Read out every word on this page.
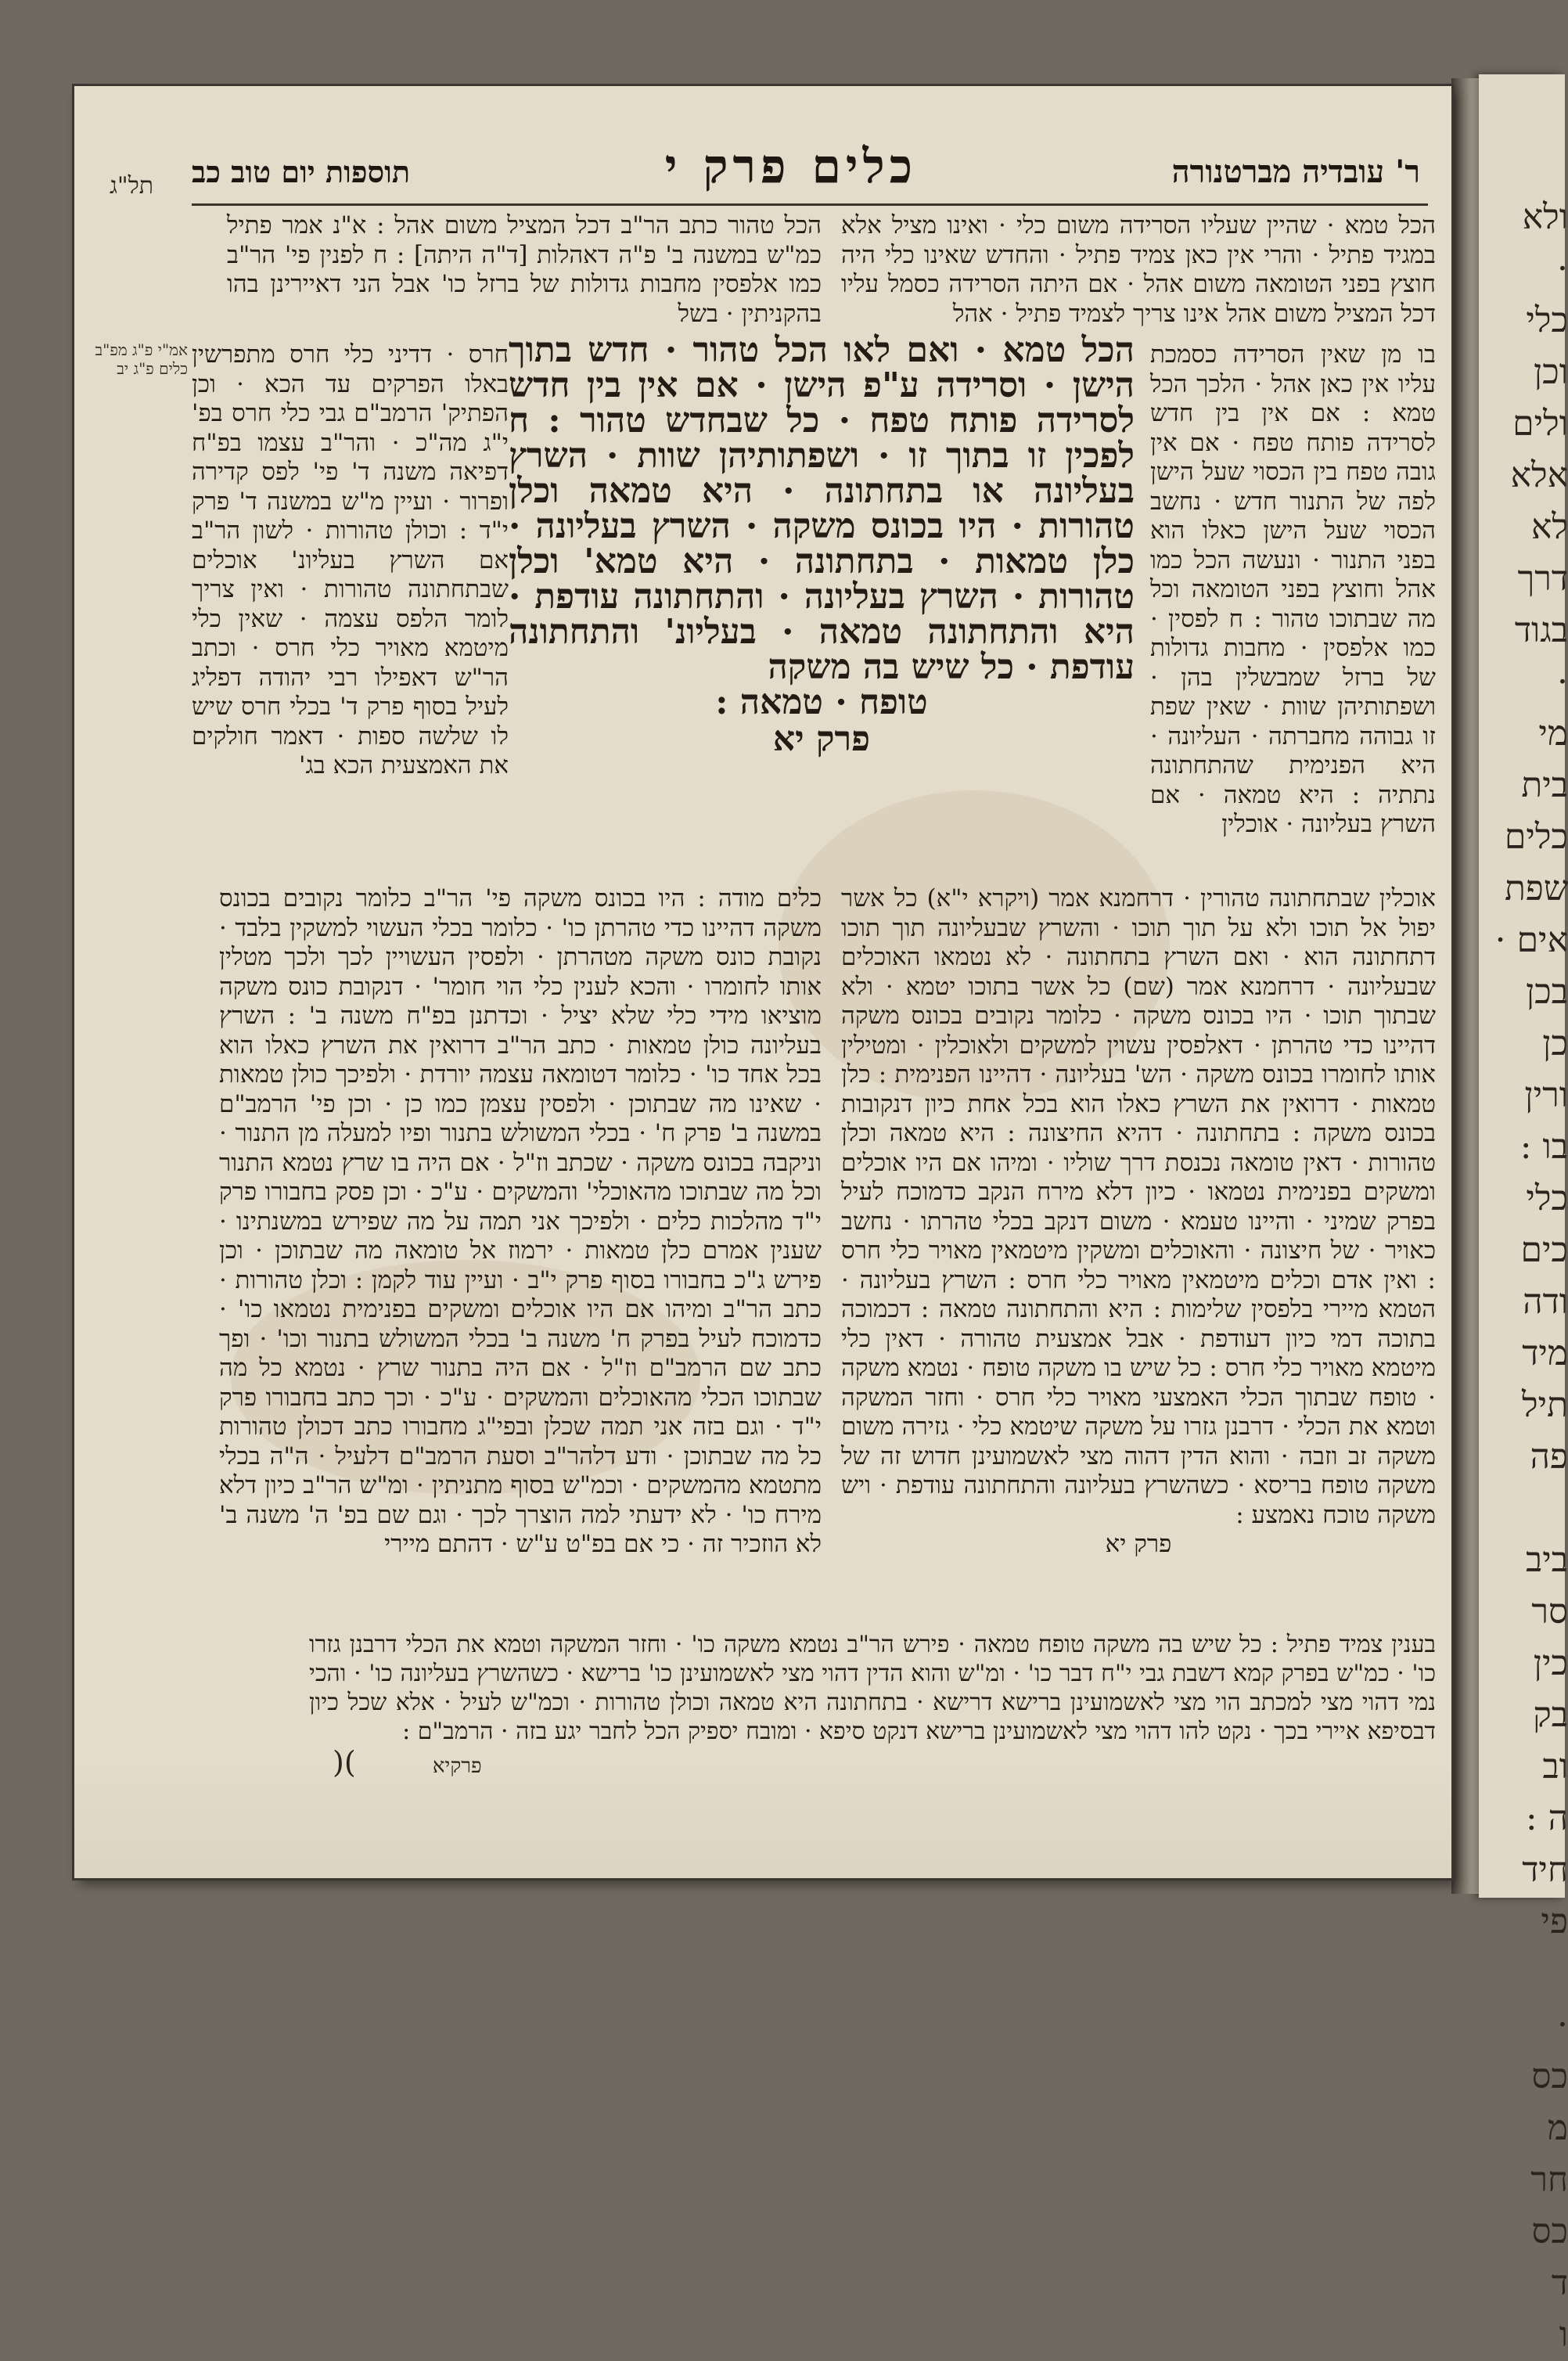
ולא
·
כלי
וכן
ולים
אלא
לא
דרך
בגוד
·
מי
בית
כלים
שפת
אים ·
בכן
כן
ורין
בו :
כלי
כים
ודה
מיד
תיל
פה

ביב
סר
כין
בק
וב
ה :
חיד
פי

·
כס
מ
חר
כס
ד
ו
ר' עובדיה מברטנורה
כלים פרק י
תוספות יום טוב כב
תל"ג
אמ"י פ"ג מפ"ב כלים פ"ג יב
הכל טמא · שהיין שעליו הסרידה משום כלי · ואינו מציל אלא במגיד פתיל · והרי אין כאן צמיד פתיל · והחדש שאינו כלי היה חוצץ בפני הטומאה משום אהל · אם היתה הסרידה כסמל עליו דכל המציל משום אהל אינו צריך לצמיד פתיל · אהל
הכל טהור כתב הר"ב דכל המציל משום אהל : א"נ אמר פתיל כמ"ש במשנה ב' פ"ה דאהלות [ד"ה היתה] : ח לפנין פי' הר"ב כמו אלפסין מחבות גדולות של ברזל כו' אבל הני דאיירינן בהו בהקניתין · בשל
הכל טמא · ואם לאו הכל טהור · חדש בתוך הישן · וסרידה ע"פ הישן · אם אין בין חדש לסרידה פותח טפח · כל שבחדש טהור : ח לפכין זו בתוך זו · ושפתותיהן שוות · השרץ בעליונה או בתחתונה · היא טמאה וכלן טהורות · היו בכונס משקה · השרץ בעליונה · כלן טמאות · בתחתונה · היא טמא' וכלן טהורות · השרץ בעליונה · והתחתונה עודפת · היא והתחתונה טמאה · בעליונ' והתחתונה עודפת · כל שיש בה משקה
טופח · טמאה :
פרק יא
חרס · דדיני כלי חרס מתפרשין באלו הפרקים עד הכא · וכן הפתיק' הרמב"ם גבי כלי חרס בפ' י"ג מה"כ · והר"ב עצמו בפ"ח דפיאה משנה ד' פי' לפס קדירה ופרור · ועיין מ"ש במשנה ד' פרק י"ד : וכולן טהורות · לשון הר"ב אם השרץ בעליונ' אוכלים שבתחתונה טהורות · ואין צריך לומר הלפס עצמה · שאין כלי מיטמא מאויר כלי חרס · וכתב הר"ש דאפילו רבי יהודה דפליג לעיל בסוף פרק ד' בכלי חרס שיש לו שלשה ספות · דאמר חולקים את האמצעית הכא בג'
בו מן שאין הסרידה כסמכת עליו אין כאן אהל · הלכך הכל טמא : אם אין בין חדש לסרידה פותח טפח · אם אין גובה טפח בין הכסוי שעל הישן לפה של התנור חדש · נחשב הכסוי שעל הישן כאלו הוא בפני התנור · ונעשה הכל כמו אהל וחוצץ בפני הטומאה וכל מה שבתוכו טהור : ח לפסין · כמו אלפסין · מחבות גדולות של ברזל שמבשלין בהן · ושפתותיהן שוות · שאין שפת זו גבוהה מחברתה · העליונה · היא הפנימית שהתחתונה נתתיה : היא טמאה · אם השרץ בעליונה · אוכלין
כלים מודה : היו בכונס משקה פי' הר"ב כלומר נקובים בכונס משקה דהיינו כדי טהרתן כו' · כלומר בכלי העשוי למשקין בלבד · נקובת כונס משקה מטהרתן · ולפסין העשויין לכך ולכך מטלין אותו לחומרו · והכא לענין כלי הוי חומר' · דנקובת כונס משקה מוציאו מידי כלי שלא יציל · וכדתנן בפ"ח משנה ב' : השרץ בעליונה כולן טמאות · כתב הר"ב דרואין את השרץ כאלו הוא בכל אחד כו' · כלומר דטומאה עצמה יורדת · ולפיכך כולן טמאות · שאינו מה שבתוכן · ולפסין עצמן כמו כן · וכן פי' הרמב"ם במשנה ב' פרק ח' · בכלי המשולש בתנור ופיו למעלה מן התנור · וניקבה בכונס משקה · שכתב וז"ל · אם היה בו שרץ נטמא התנור וכל מה שבתוכו מהאוכלי' והמשקים · ע"כ · וכן פסק בחבורו פרק י"ד מהלכות כלים · ולפיכך אני תמה על מה שפירש במשנתינו · שענין אמרם כלן טמאות · ירמוז אל טומאה מה שבתוכן · וכן פירש ג"כ בחבורו בסוף פרק י"ב · ועיין עוד לקמן : וכלן טהורות · כתב הר"ב ומיהו אם היו אוכלים ומשקים בפנימית נטמאו כו' · כדמוכח לעיל בפרק ח' משנה ב' בכלי המשולש בתנור וכו' · ופך כתב שם הרמב"ם וז"ל · אם היה בתנור שרץ · נטמא כל מה שבתוכו הכלי מהאוכלים והמשקים · ע"כ · וכך כתב בחבורו פרק י"ד · וגם בזה אני תמה שכלן ובפי"ג מחבורו כתב דכולן טהורות כל מה שבתוכן · ודע דלהר"ב וסעת הרמב"ם דלעיל · ה"ה בכלי מתטמא מהמשקים · וכמ"ש בסוף מתניתין · ומ"ש הר"ב כיון דלא מירח כו' · לא ידעתי למה הוצרך לכך · וגם שם בפ' ה' משנה ב' לא הוזכיר זה · כי אם בפ"ט ע"ש · דהתם מיירי
אוכלין שבתחתונה טהורין · דרחמנא אמר (ויקרא י"א) כל אשר יפול אל תוכו ולא על תוך תוכו · והשרץ שבעליונה תוך תוכו דתחתונה הוא · ואם השרץ בתחתונה · לא נטמאו האוכלים שבעליונה · דרחמנא אמר (שם) כל אשר בתוכו יטמא · ולא שבתוך תוכו · היו בכונס משקה · כלומר נקובים בכונס משקה דהיינו כדי טהרתן · דאלפסין עשוין למשקים ולאוכלין · ומטילין אותו לחומרו בכונס משקה · הש' בעליונה · דהיינו הפנימית : כלן טמאות · דרואין את השרץ כאלו הוא בכל אחת כיון דנקובות בכונס משקה : בתחתונה · דהיא החיצונה : היא טמאה וכלן טהורות · דאין טומאה נכנסת דרך שוליו · ומיהו אם היו אוכלים ומשקים בפנימית נטמאו · כיון דלא מירח הנקב כדמוכח לעיל בפרק שמיני · והיינו טעמא · משום דנקב בכלי טהרתו · נחשב כאויר · של חיצונה · והאוכלים ומשקין מיטמאין מאויר כלי חרס : ואין אדם וכלים מיטמאין מאויר כלי חרס : השרץ בעליונה · הטמא מיירי בלפסין שלימות : היא והתחתונה טמאה : דכמוכה בתוכה דמי כיון דעודפת · אבל אמצעית טהורה · דאין כלי מיטמא מאויר כלי חרס : כל שיש בו משקה טופח · נטמא משקה · טופח שבתוך הכלי האמצעי מאויר כלי חרס · וחזר המשקה וטמא את הכלי · דרבנן גזרו על משקה שיטמא כלי · גזירה משום משקה זב וזבה · והוא הדין דהוה מצי לאשמועינן חדוש זה של משקה טופח בריסא · כשהשרץ בעליונה והתחתונה עודפת · ויש משקה טוכח נאמצע :
פרק יא
בענין צמיד פתיל : כל שיש בה משקה טופח טמאה · פירש הר"ב נטמא משקה כו' · וחזר המשקה וטמא את הכלי דרבנן גזרו כו' · כמ"ש בפרק קמא דשבת גבי י"ח דבר כו' · ומ"ש והוא הדין דהוי מצי לאשמועינן כו' ברישא · כשהשרץ בעליונה כו' · והכי נמי דהוי מצי למכתב הוי מצי לאשמועינן ברישא דרישא · בתחתונה היא טמאה וכולן טהורות · וכמ"ש לעיל · אלא שכל כיון דבסיפא איירי בכך · נקט להו דהוי מצי לאשמועינן ברישא דנקט סיפא · ומובח יספיק הכל לחבר יגע בזה · הרמב"ם :
פרקיא )(
